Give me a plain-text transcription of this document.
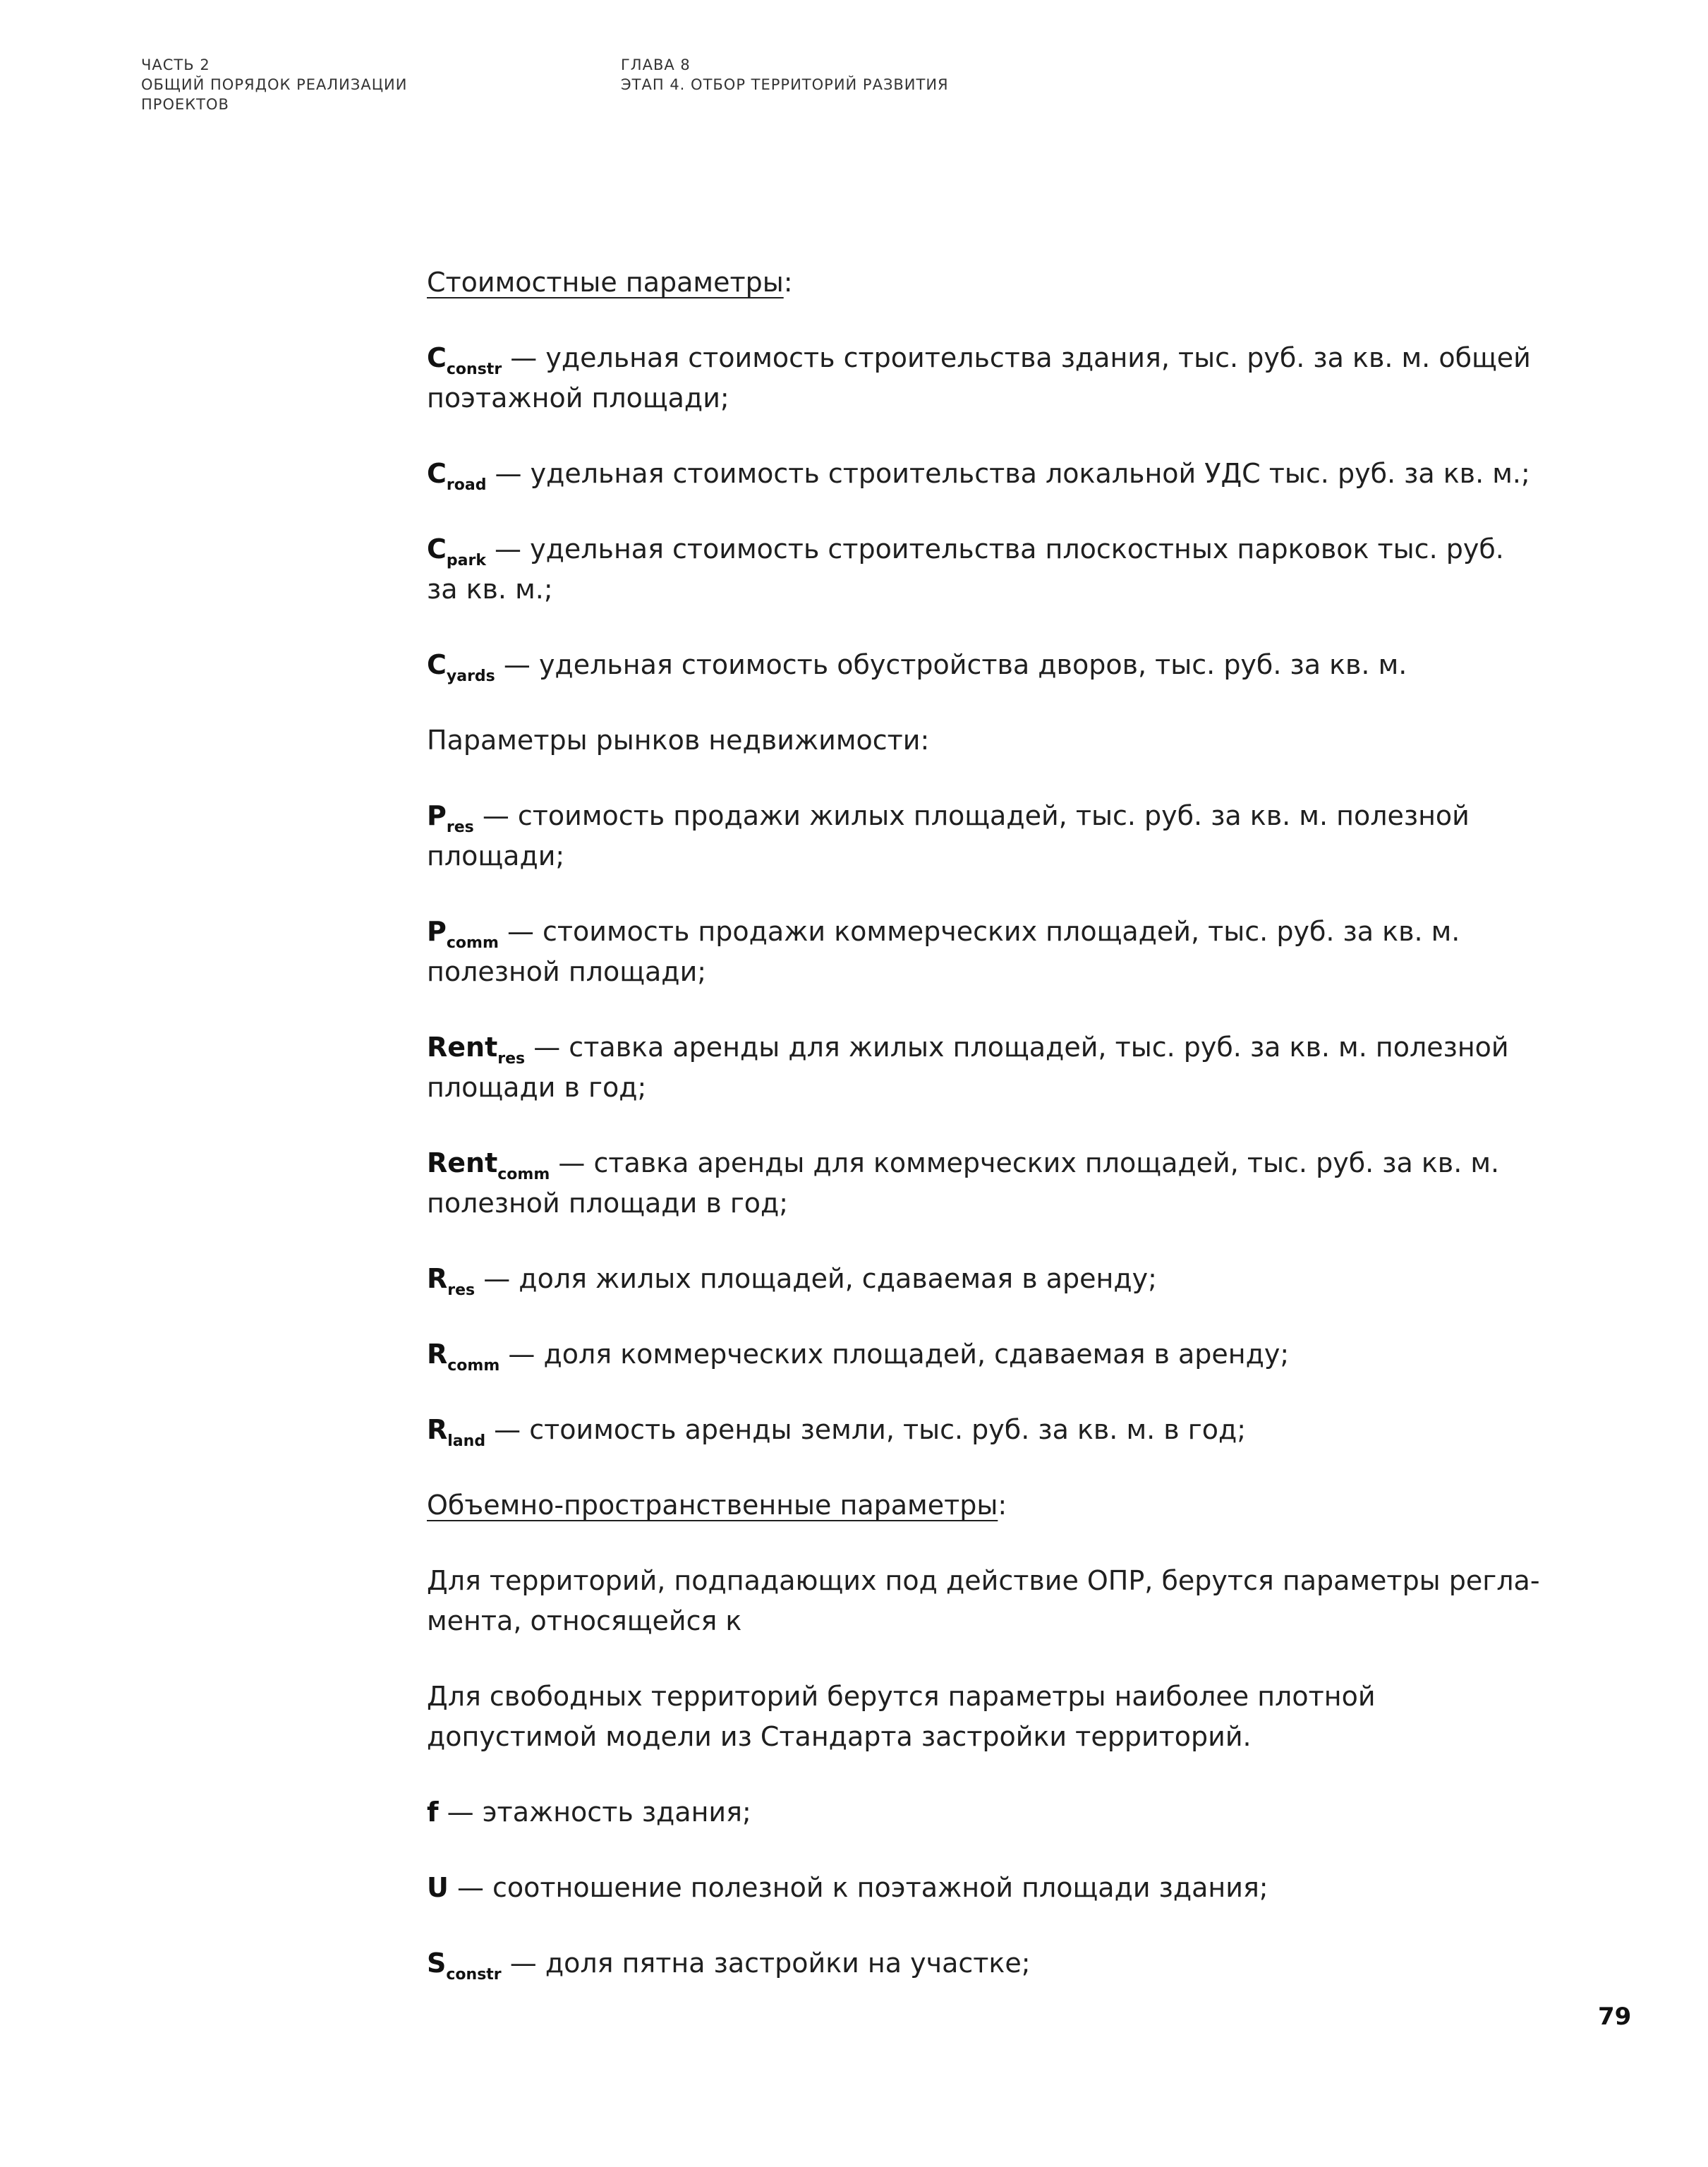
ЧАСТЬ 2
ОБЩИЙ ПОРЯДОК РЕАЛИЗАЦИИ
ПРОЕКТОВ
ГЛАВА 8
ЭТАП 4. ОТБОР ТЕРРИТОРИЙ РАЗВИТИЯ

Стоимостные параметры:

$C_{constr}$ — удельная стоимость строительства здания, тыс. руб. за кв. м. общей поэтажной площади;

$C_{road}$ — удельная стоимость строительства локальной УДС тыс. руб. за кв. м.;

$C_{park}$ — удельная стоимость строительства плоскостных парковок тыс. руб. за кв. м.;

$C_{yards}$ — удельная стоимость обустройства дворов, тыс. руб. за кв. м.

Параметры рынков недвижимости:

$P_{res}$ — стоимость продажи жилых площадей, тыс. руб. за кв. м. полезной площади;

$P_{comm}$ — стоимость продажи коммерческих площадей, тыс. руб. за кв. м. полезной площади;

Rent$_{res}$ — ставка аренды для жилых площадей, тыс. руб. за кв. м. полезной площади в год;

Rent$_{comm}$ — ставка аренды для коммерческих площадей, тыс. руб. за кв. м. полезной площади в год;

$R_{res}$ — доля жилых площадей, сдаваемая в аренду;

$R_{comm}$ — доля коммерческих площадей, сдаваемая в аренду;

$R_{land}$ — стоимость аренды земли, тыс. руб. за кв. м. в год;

Объемно-пространственные параметры:

Для территорий, подпадающих под действие ОПР, берутся параметры регламента, относящейся к

Для свободных территорий берутся параметры наиболее плотной допустимой модели из Стандарта застройки территорий.

f — этажность здания;

U — соотношение полезной к поэтажной площади здания;

$S_{constr}$ — доля пятна застройки на участке;

79
